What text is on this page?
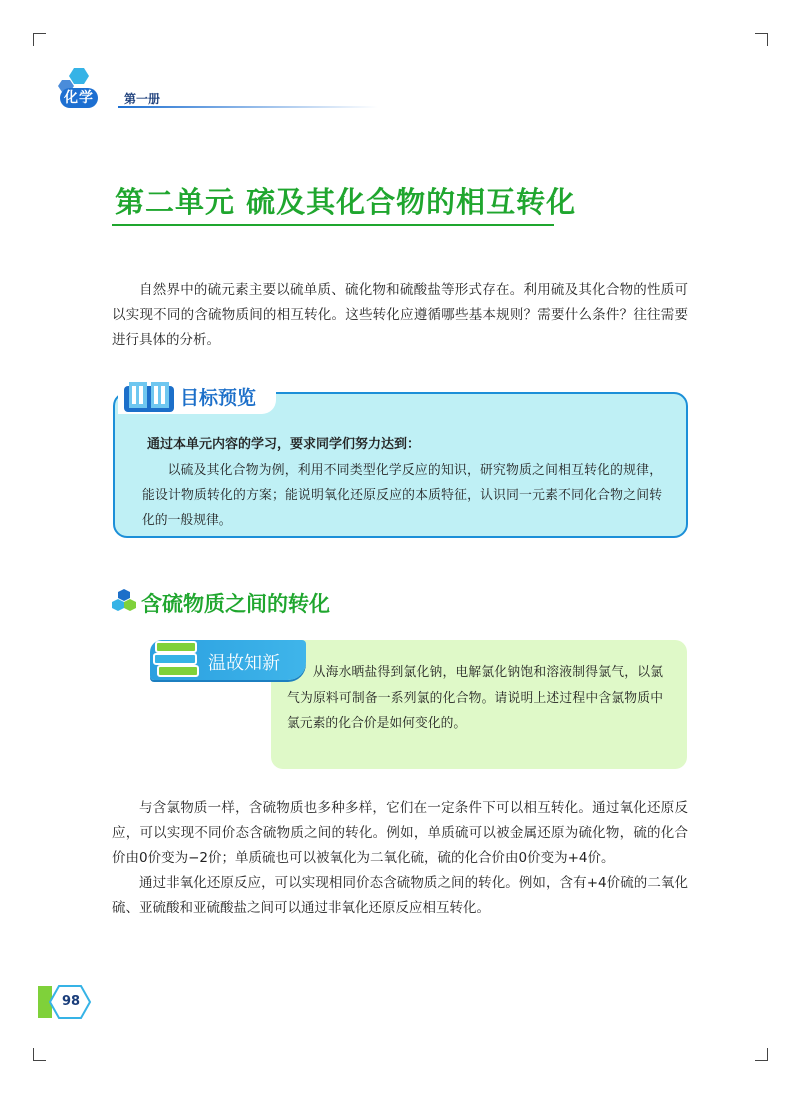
化学	第一册
第二单元 硫及其化合物的相互转化

自然界中的硫元素主要以硫单质、硫化物和硫酸盐等形式存在。利用硫及其化合物的性质可以实现不同的含硫物质间的相互转化。这些转化应遵循哪些基本规则？需要什么条件？往往需要进行具体的分析。

目标预览
通过本单元内容的学习，要求同学们努力达到：

以硫及其化合物为例，利用不同类型化学反应的知识，研究物质之间相互转化的规律，能设计物质转化的方案；能说明氧化还原反应的本质特征，认识同一元素不同化合物之间转化的一般规律。

含硫物质之间的转化
温故知新	从海水晒盐得到氯化钠，电解氯化钠饱和溶液制得氯气，以氯气为原料可制备一系列氯的化合物。请说明上述过程中含氯物质中氯元素的化合价是如何变化的。

与含氯物质一样，含硫物质也多种多样，它们在一定条件下可以相互转化。通过氧化还原反应，可以实现不同价态含硫物质之间的转化。例如，单质硫可以被金属还原为硫化物，硫的化合价由0价变为−2价；单质硫也可以被氧化为二氧化硫，硫的化合价由0价变为+4价。

通过非氧化还原反应，可以实现相同价态含硫物质之间的转化。例如，含有+4价硫的二氧化硫、亚硫酸和亚硫酸盐之间可以通过非氧化还原反应相互转化。

98
